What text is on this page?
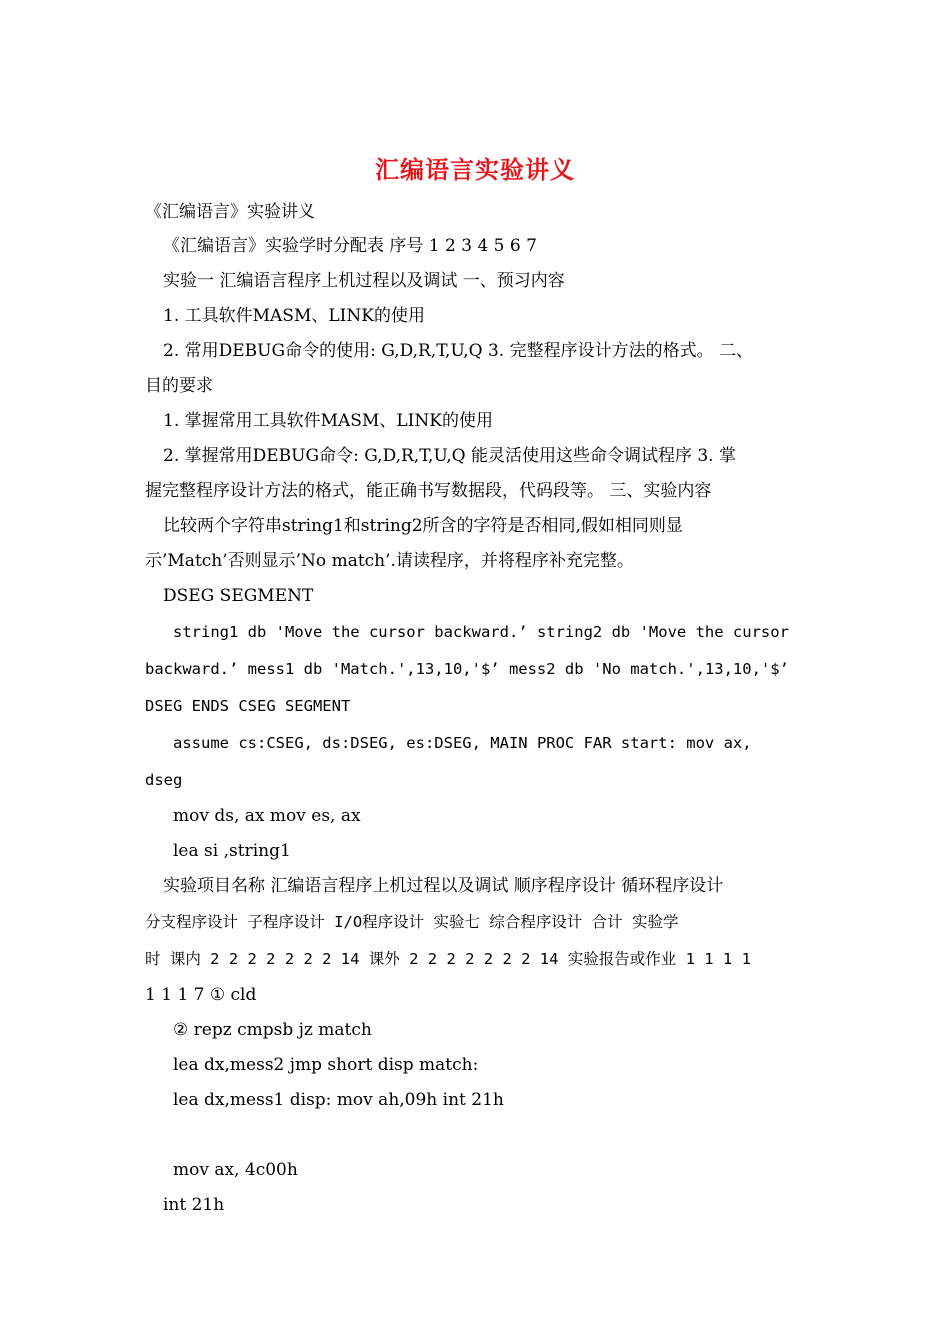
汇编语言实验讲义
《汇编语言》实验讲义
《汇编语言》实验学时分配表 序号 1 2 3 4 5 6 7
实验一 汇编语言程序上机过程以及调试 一、预习内容
1. 工具软件MASM、LINK的使用
2. 常用DEBUG命令的使用: G,D,R,T,U,Q 3. 完整程序设计方法的格式。 二、
目的要求
1. 掌握常用工具软件MASM、LINK的使用
2. 掌握常用DEBUG命令: G,D,R,T,U,Q 能灵活使用这些命令调试程序 3. 掌
握完整程序设计方法的格式，能正确书写数据段，代码段等。 三、实验内容
比较两个字符串string1和string2所含的字符是否相同,假如相同则显
示’Match’否则显示’No match’.请读程序，并将程序补充完整。
DSEG SEGMENT
string1 db 'Move the cursor backward.’ string2 db 'Move the cursor
backward.’ mess1 db 'Match.',13,10,'$’ mess2 db 'No match.',13,10,'$’
DSEG ENDS CSEG SEGMENT
assume cs:CSEG, ds:DSEG, es:DSEG, MAIN PROC FAR start: mov ax,
dseg
mov ds, ax mov es, ax
lea si ,string1
实验项目名称 汇编语言程序上机过程以及调试 顺序程序设计 循环程序设计
分支程序设计 子程序设计 I/O程序设计 实验七 综合程序设计 合计 实验学
时 课内 2 2 2 2 2 2 2 14 课外 2 2 2 2 2 2 2 14 实验报告或作业 1 1 1 1
1 1 1 7 ① cld
② repz cmpsb jz match
lea dx,mess2 jmp short disp match:
lea dx,mess1 disp: mov ah,09h int 21h
mov ax, 4c00h
int 21h
